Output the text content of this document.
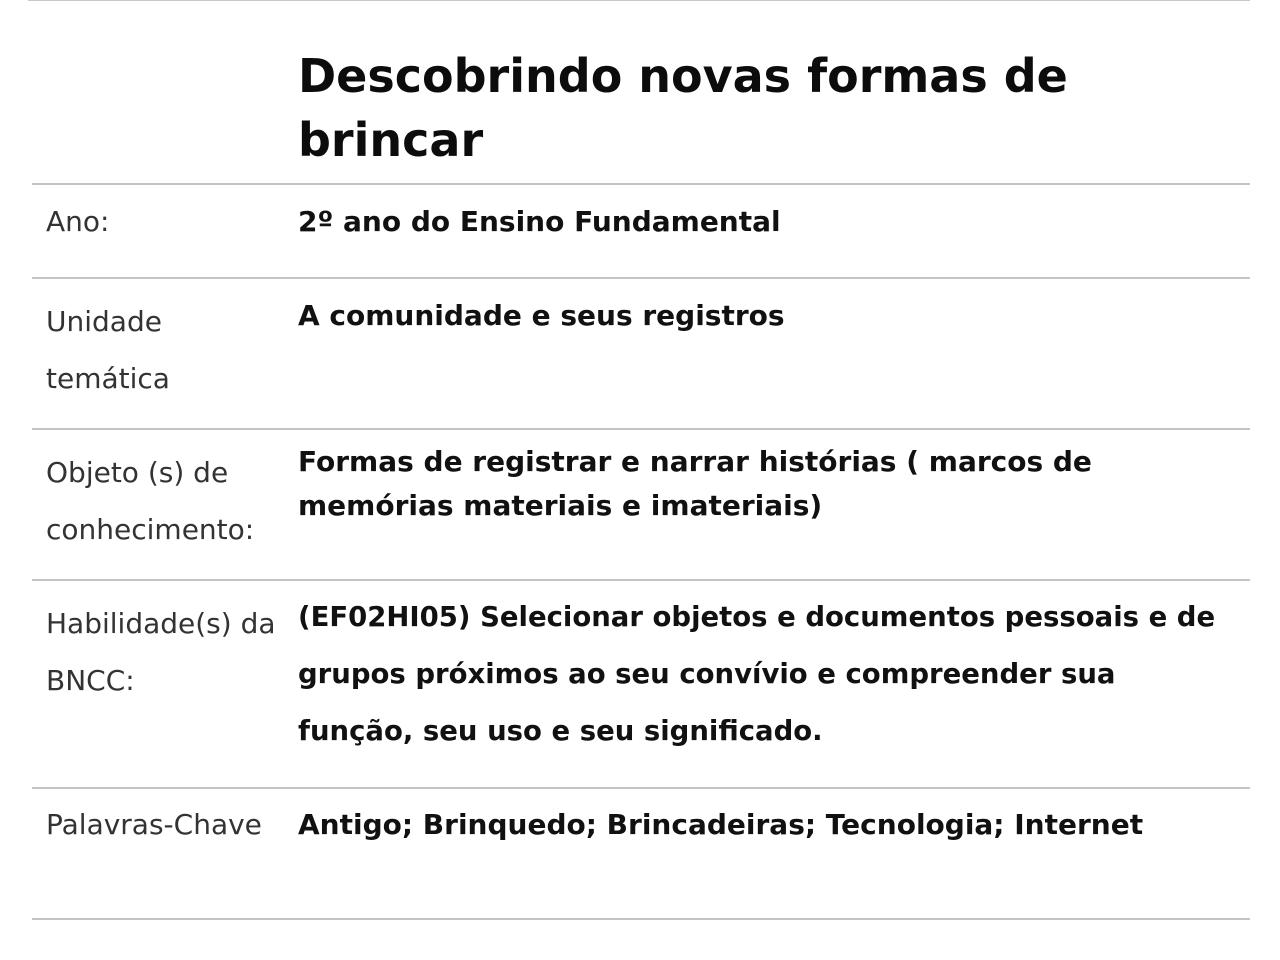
Descobrindo novas formas de brincar
Ano:	2º ano do Ensino Fundamental
Unidade temática
A comunidade e seus registros
Objeto (s) de conhecimento:
Formas de registrar e narrar histórias ( marcos de memórias materiais e imateriais)
Habilidade(s) da BNCC:
(EF02HI05) Selecionar objetos e documentos pessoais e de grupos próximos ao seu convívio e compreender sua função, seu uso e seu significado.
Palavras-Chave	Antigo; Brinquedo; Brincadeiras; Tecnologia; Internet
